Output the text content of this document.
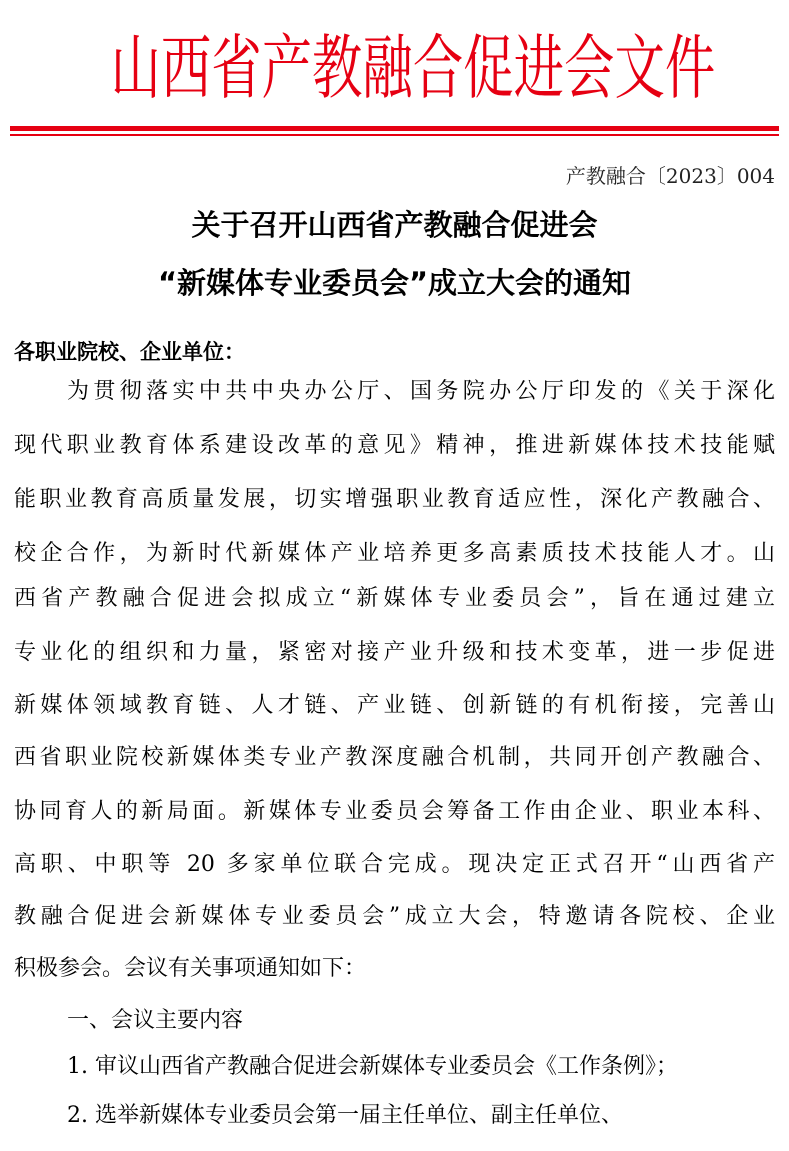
山西省产教融合促进会文件
产教融合〔2023〕004
关于召开山西省产教融合促进会
“新媒体专业委员会”成立大会的通知
各职业院校、企业单位：
为贯彻落实中共中央办公厅、国务院办公厅印发的《关于深化
现代职业教育体系建设改革的意见》精神，推进新媒体技术技能赋
能职业教育高质量发展，切实增强职业教育适应性，深化产教融合、
校企合作，为新时代新媒体产业培养更多高素质技术技能人才。山
西省产教融合促进会拟成立“新媒体专业委员会”，旨在通过建立
专业化的组织和力量，紧密对接产业升级和技术变革，进一步促进
新媒体领域教育链、人才链、产业链、创新链的有机衔接，完善山
西省职业院校新媒体类专业产教深度融合机制，共同开创产教融合、
协同育人的新局面。新媒体专业委员会筹备工作由企业、职业本科、
高职、中职等 20 多家单位联合完成。现决定正式召开“山西省产
教融合促进会新媒体专业委员会”成立大会，特邀请各院校、企业
积极参会。会议有关事项通知如下：
一、会议主要内容
1. 审议山西省产教融合促进会新媒体专业委员会《工作条例》；
2. 选举新媒体专业委员会第一届主任单位、副主任单位、
